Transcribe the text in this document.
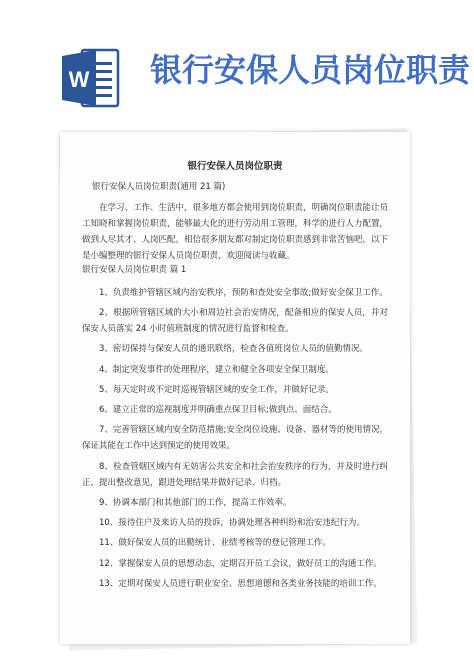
W 银行安保人员岗位职责
银行安保人员岗位职责
银行安保人员岗位职责(通用 21 篇)

在学习、工作、生活中，很多地方都会使用到岗位职责，明确岗位职责能让员工知晓和掌握岗位职责，能够最大化的进行劳动用工管理，科学的进行人力配置，做到人尽其才、人岗匹配。相信很多朋友都对制定岗位职责感到非常苦恼吧，以下是小编整理的银行安保人员岗位职责，欢迎阅读与收藏。

银行安保人员岗位职责 篇 1

1、负责维护管辖区域内治安秩序，预防和查处安全事故;做好安全保卫工作。

2、根据所管辖区域的大小和周边社会治安情况，配备相应的保安人员，并对保安人员落实 24 小时值班制度的情况进行监督和检查。

3、密切保持与保安人员的通讯联络，检查各值班岗位人员的值勤情况。

4、制定突发事件的处理程序，建立和健全各项安全保卫制度。

5、每天定时或不定时巡视管辖区域的安全工作，并做好记录。

6、建立正常的巡视制度并明确重点保卫目标;做到点、面结合。

7、完善管辖区域内安全防范措施;安全岗位设施、设备、器材等的使用情况，保证其能在工作中达到预定的使用效果。

8、检查管辖区域内有无妨害公共安全和社会治安秩序的行为，并及时进行纠正，提出整改意见，跟进处理结果并做好记录、归档。

9、协调本部门和其他部门的工作，提高工作效率。

10、接待住户及来访人员的投诉，协调处理各种纠纷和治安违纪行为。

11、做好保安人员的出勤统计、业绩考核等的登记管理工作。

12、掌握保安人员的思想动态，定期召开员工会议，做好员工的沟通工作。

13、定期对保安人员进行职业安全、思想道德和各类业务技能的培训工作。
